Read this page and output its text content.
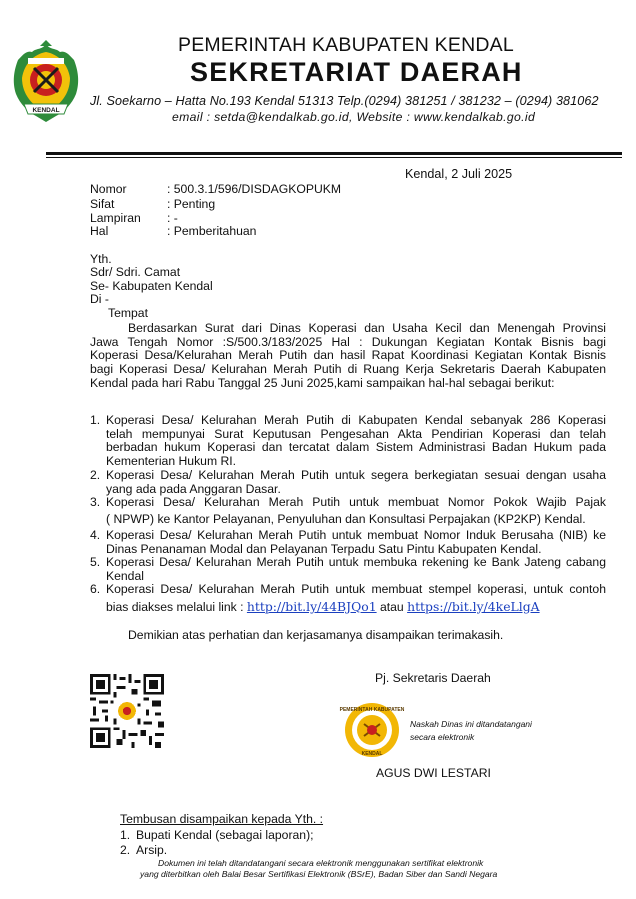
KENDAL
PEMERINTAH KABUPATEN KENDAL
SEKRETARIAT DAERAH
Jl. Soekarno – Hatta No.193 Kendal 51313 Telp.(0294) 381251 / 381232 – (0294) 381062
email : setda@kendalkab.go.id, Website : www.kendalkab.go.id
Kendal, 2 Juli 2025
Nomor	: 500.3.1/596/DISDAGKOPUKM
Sifat	: Penting
Lampiran : -
Hal	: Pemberitahuan
Yth.
Sdr/ Sdri. Camat
Se- Kabupaten Kendal
Di -
Tempat
Berdasarkan Surat dari Dinas Koperasi dan Usaha Kecil dan Menengah Provinsi
Jawa Tengah Nomor :S/500.3/183/2025 Hal : Dukungan Kegiatan Kontak Bisnis bagi
Koperasi Desa/Kelurahan Merah Putih dan hasil Rapat Koordinasi Kegiatan Kontak Bisnis
bagi Koperasi Desa/ Kelurahan Merah Putih di Ruang Kerja Sekretaris Daerah Kabupaten
Kendal pada hari Rabu Tanggal 25 Juni 2025,kami sampaikan hal-hal sebagai berikut:
1. Koperasi Desa/ Kelurahan Merah Putih di Kabupaten Kendal sebanyak 286 Koperasi
telah mempunyai Surat Keputusan Pengesahan Akta Pendirian Koperasi dan telah
berbadan hukum Koperasi dan tercatat dalam Sistem Administrasi Badan Hukum pada
Kementerian Hukum RI.
2. Koperasi Desa/ Kelurahan Merah Putih untuk segera berkegiatan sesuai dengan usaha
yang ada pada Anggaran Dasar.
3. Koperasi Desa/ Kelurahan Merah Putih untuk membuat Nomor Pokok Wajib Pajak
( NPWP) ke Kantor Pelayanan, Penyuluhan dan Konsultasi Perpajakan (KP2KP) Kendal.
4. Koperasi Desa/ Kelurahan Merah Putih untuk membuat Nomor Induk Berusaha (NIB) ke
Dinas Penanaman Modal dan Pelayanan Terpadu Satu Pintu Kabupaten Kendal.
5. Koperasi Desa/ Kelurahan Merah Putih untuk membuka rekening ke Bank Jateng cabang
Kendal
6. Koperasi Desa/ Kelurahan Merah Putih untuk membuat stempel koperasi, untuk contoh
bias diakses melalui link : http://bit.ly/44BJQo1 atau https://bit.ly/4keLlgA
Demikian atas perhatian dan kerjasamanya disampaikan terimakasih.
Pj. Sekretaris Daerah
PEMERINTAH KABUPATEN
KENDAL
Naskah Dinas ini ditandatangani
secara elektronik
AGUS DWI LESTARI
Tembusan disampaikan kepada Yth. :
1. Bupati Kendal (sebagai laporan);
2. Arsip.
Dokumen ini telah ditandatangani secara elektronik menggunakan sertifikat elektronik
yang diterbitkan oleh Balai Besar Sertifikasi Elektronik (BSrE), Badan Siber dan Sandi Negara
